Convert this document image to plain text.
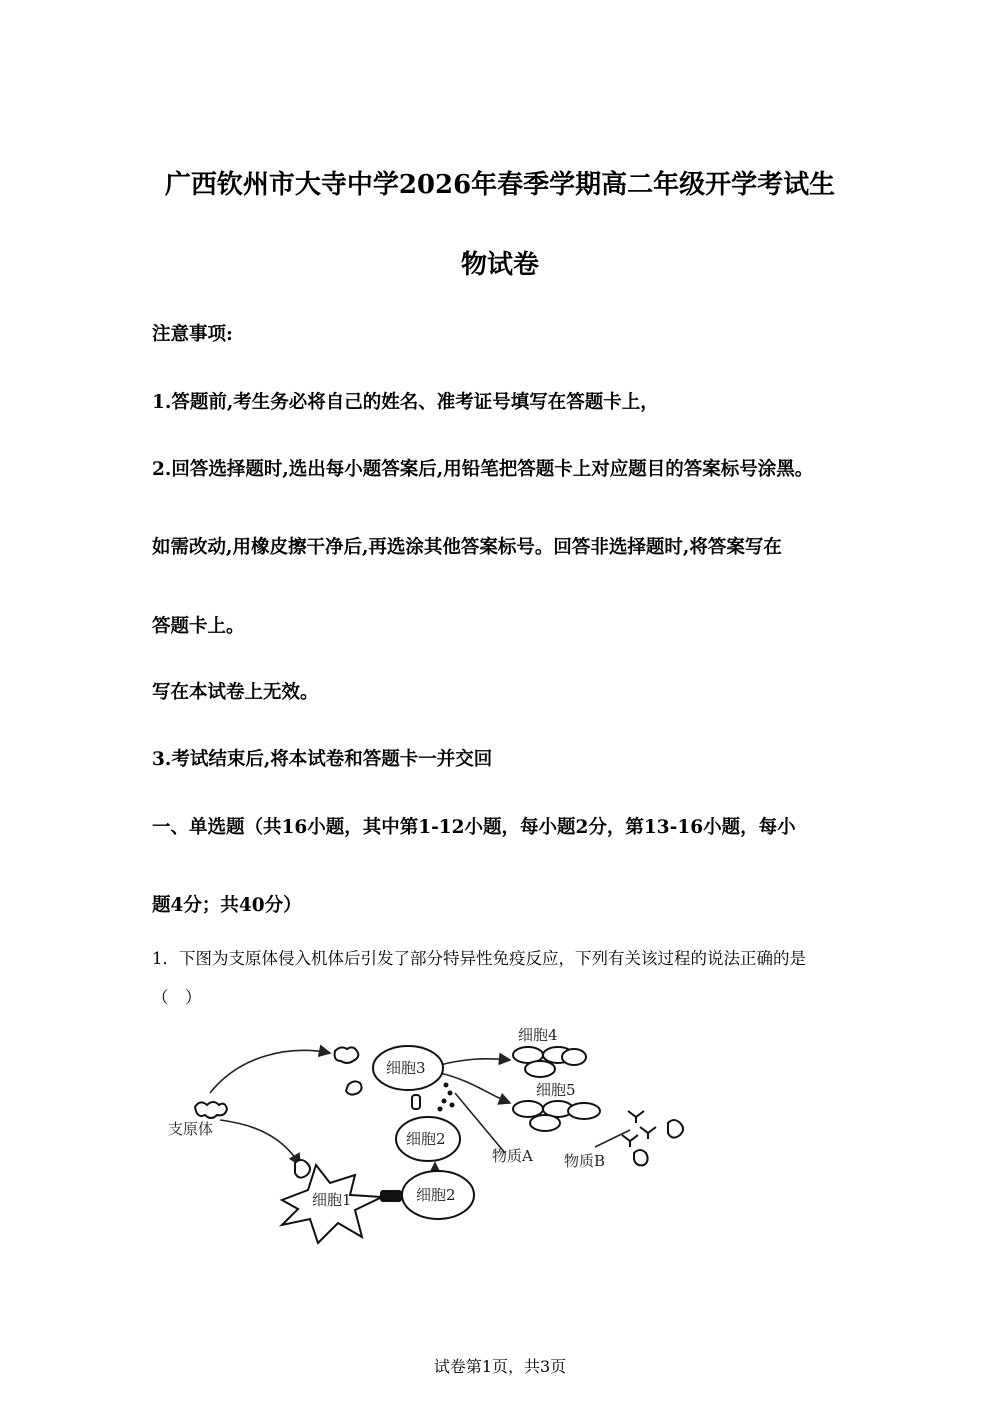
广西钦州市大寺中学2026年春季学期高二年级开学考试生
物试卷
注意事项:
1.答题前,考生务必将自己的姓名、准考证号填写在答题卡上，
2.回答选择题时,选出每小题答案后,用铅笔把答题卡上对应题目的答案标号涂黑。
如需改动,用橡皮擦干净后,再选涂其他答案标号。回答非选择题时,将答案写在
答题卡上。
写在本试卷上无效。
3.考试结束后,将本试卷和答题卡一并交回
一、单选题（共16小题，其中第1-12小题，每小题2分，第13-16小题，每小
题4分；共40分）
1．下图为支原体侵入机体后引发了部分特异性免疫反应，下列有关该过程的说法正确的是
（　）
支原体
细胞3
细胞2
细胞4
细胞5
物质A 物质B
细胞1	细胞2
试卷第1页，共3页
